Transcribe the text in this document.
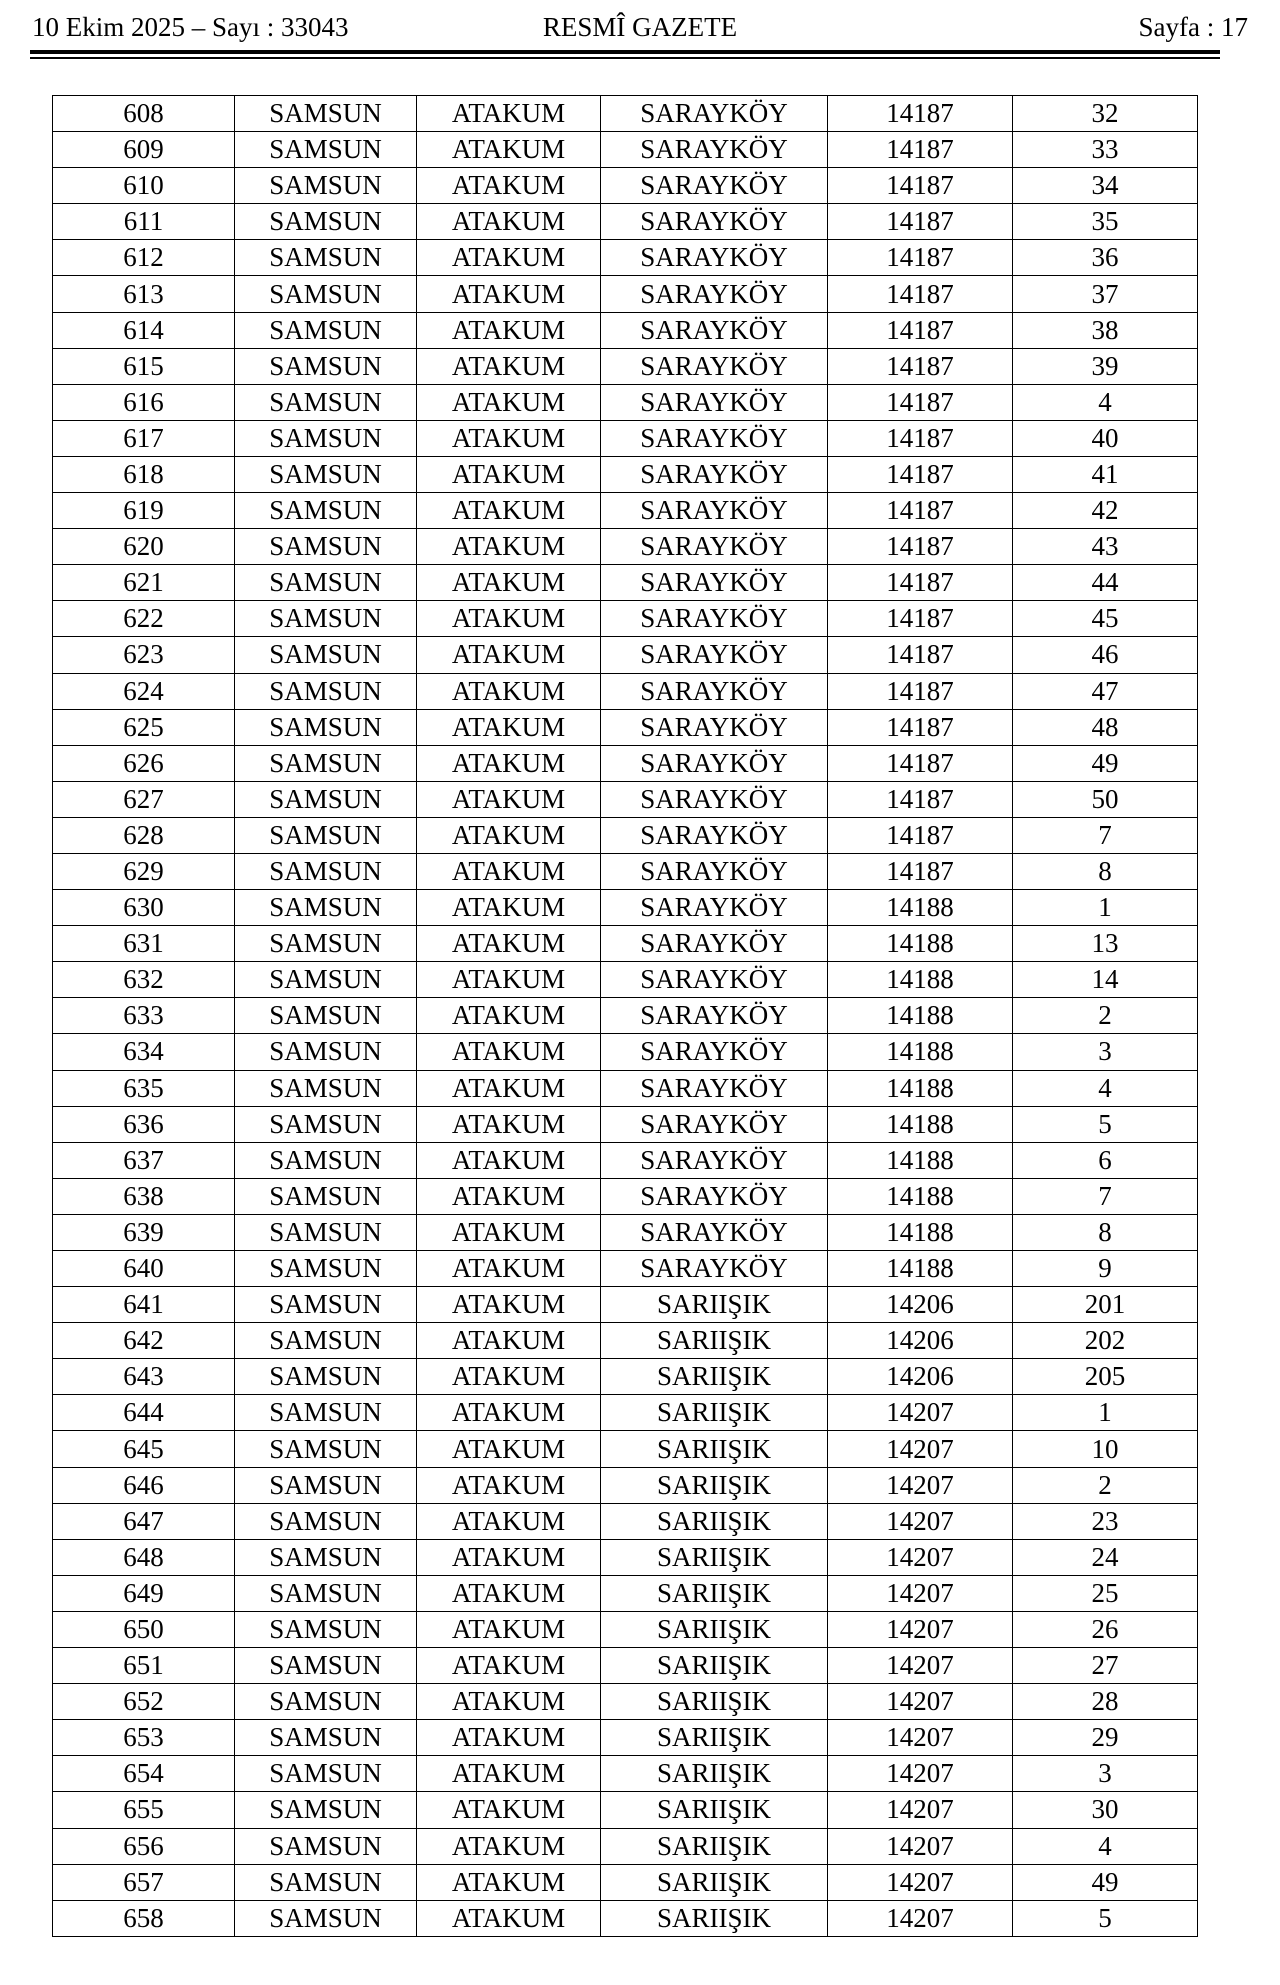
10 Ekim 2025 – Sayı : 33043	RESMÎ GAZETE	Sayfa : 17
608	SAMSUN	ATAKUM	SARAYKÖY	14187	32
609	SAMSUN	ATAKUM	SARAYKÖY	14187	33
610	SAMSUN	ATAKUM	SARAYKÖY	14187	34
611	SAMSUN	ATAKUM	SARAYKÖY	14187	35
612	SAMSUN	ATAKUM	SARAYKÖY	14187	36
613	SAMSUN	ATAKUM	SARAYKÖY	14187	37
614	SAMSUN	ATAKUM	SARAYKÖY	14187	38
615	SAMSUN	ATAKUM	SARAYKÖY	14187	39
616	SAMSUN	ATAKUM	SARAYKÖY	14187	4
617	SAMSUN	ATAKUM	SARAYKÖY	14187	40
618	SAMSUN	ATAKUM	SARAYKÖY	14187	41
619	SAMSUN	ATAKUM	SARAYKÖY	14187	42
620	SAMSUN	ATAKUM	SARAYKÖY	14187	43
621	SAMSUN	ATAKUM	SARAYKÖY	14187	44
622	SAMSUN	ATAKUM	SARAYKÖY	14187	45
623	SAMSUN	ATAKUM	SARAYKÖY	14187	46
624	SAMSUN	ATAKUM	SARAYKÖY	14187	47
625	SAMSUN	ATAKUM	SARAYKÖY	14187	48
626	SAMSUN	ATAKUM	SARAYKÖY	14187	49
627	SAMSUN	ATAKUM	SARAYKÖY	14187	50
628	SAMSUN	ATAKUM	SARAYKÖY	14187	7
629	SAMSUN	ATAKUM	SARAYKÖY	14187	8
630	SAMSUN	ATAKUM	SARAYKÖY	14188	1
631	SAMSUN	ATAKUM	SARAYKÖY	14188	13
632	SAMSUN	ATAKUM	SARAYKÖY	14188	14
633	SAMSUN	ATAKUM	SARAYKÖY	14188	2
634	SAMSUN	ATAKUM	SARAYKÖY	14188	3
635	SAMSUN	ATAKUM	SARAYKÖY	14188	4
636	SAMSUN	ATAKUM	SARAYKÖY	14188	5
637	SAMSUN	ATAKUM	SARAYKÖY	14188	6
638	SAMSUN	ATAKUM	SARAYKÖY	14188	7
639	SAMSUN	ATAKUM	SARAYKÖY	14188	8
640	SAMSUN	ATAKUM	SARAYKÖY	14188	9
641	SAMSUN	ATAKUM	SARIIŞIK	14206	201
642	SAMSUN	ATAKUM	SARIIŞIK	14206	202
643	SAMSUN	ATAKUM	SARIIŞIK	14206	205
644	SAMSUN	ATAKUM	SARIIŞIK	14207	1
645	SAMSUN	ATAKUM	SARIIŞIK	14207	10
646	SAMSUN	ATAKUM	SARIIŞIK	14207	2
647	SAMSUN	ATAKUM	SARIIŞIK	14207	23
648	SAMSUN	ATAKUM	SARIIŞIK	14207	24
649	SAMSUN	ATAKUM	SARIIŞIK	14207	25
650	SAMSUN	ATAKUM	SARIIŞIK	14207	26
651	SAMSUN	ATAKUM	SARIIŞIK	14207	27
652	SAMSUN	ATAKUM	SARIIŞIK	14207	28
653	SAMSUN	ATAKUM	SARIIŞIK	14207	29
654	SAMSUN	ATAKUM	SARIIŞIK	14207	3
655	SAMSUN	ATAKUM	SARIIŞIK	14207	30
656	SAMSUN	ATAKUM	SARIIŞIK	14207	4
657	SAMSUN	ATAKUM	SARIIŞIK	14207	49
658	SAMSUN	ATAKUM	SARIIŞIK	14207	5
